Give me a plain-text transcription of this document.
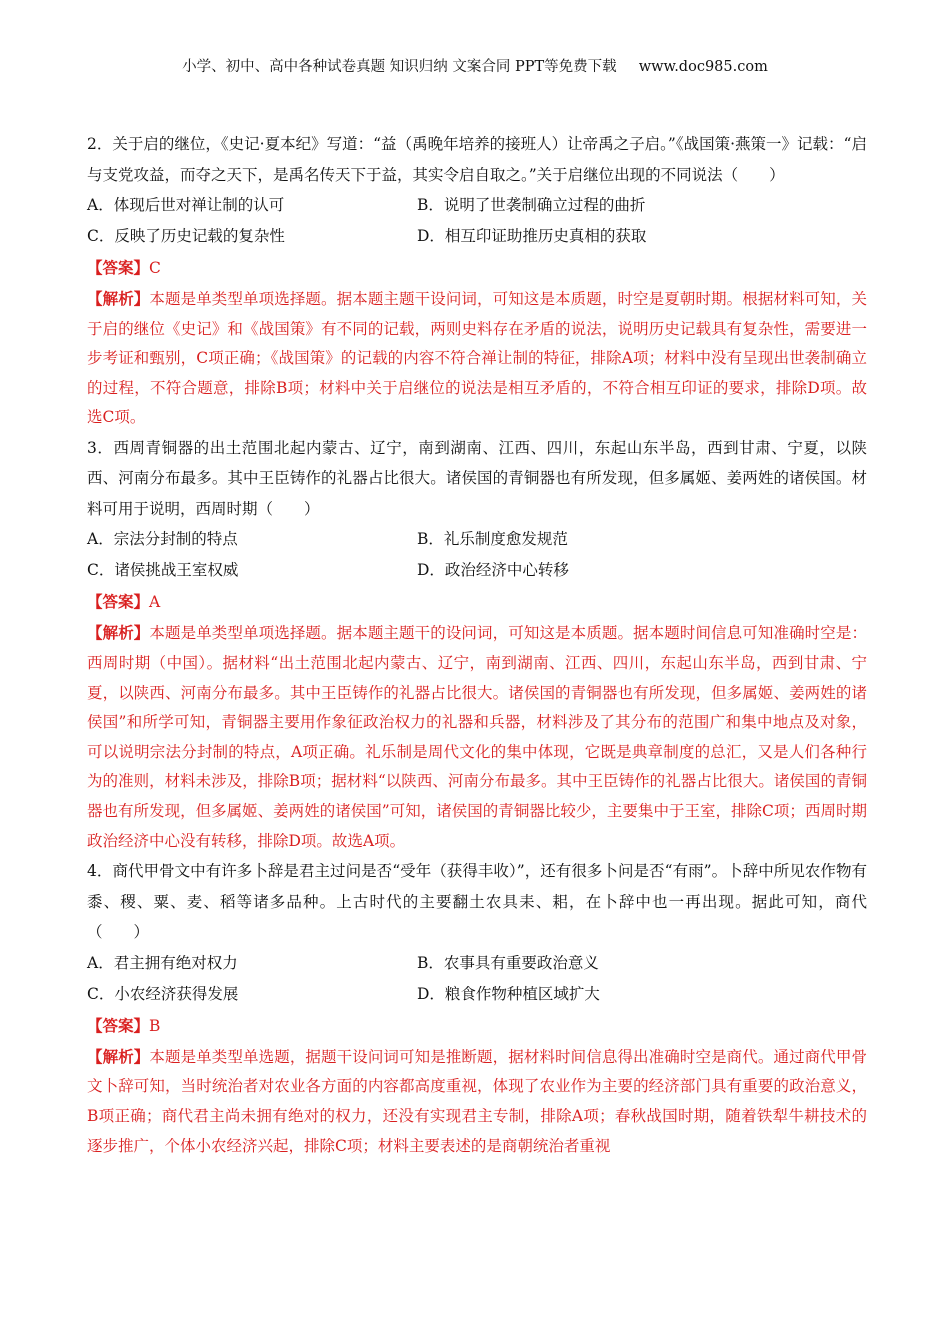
小学、初中、高中各种试卷真题 知识归纳 文案合同 PPT等免费下载 www.doc985.com

2．关于启的继位，《史记·夏本纪》写道：“益（禹晚年培养的接班人）让帝禹之子启。”《战国策·燕策一》记载：“启与支党攻益，而夺之天下，是禹名传天下于益，其实令启自取之。”关于启继位出现的不同说法（　　）

A．体现后世对禅让制的认可	B．说明了世袭制确立过程的曲折
C．反映了历史记载的复杂性	D．相互印证助推历史真相的获取
【答案】C

【解析】本题是单类型单项选择题。据本题主题干设问词，可知这是本质题，时空是夏朝时期。根据材料可知，关于启的继位《史记》和《战国策》有不同的记载，两则史料存在矛盾的说法，说明历史记载具有复杂性，需要进一步考证和甄别，C项正确；《战国策》的记载的内容不符合禅让制的特征，排除A项；材料中没有呈现出世袭制确立的过程，不符合题意，排除B项；材料中关于启继位的说法是相互矛盾的，不符合相互印证的要求，排除D项。故选C项。

3．西周青铜器的出土范围北起内蒙古、辽宁，南到湖南、江西、四川，东起山东半岛，西到甘肃、宁夏，以陕西、河南分布最多。其中王臣铸作的礼器占比很大。诸侯国的青铜器也有所发现，但多属姬、姜两姓的诸侯国。材料可用于说明，西周时期（　　）

A．宗法分封制的特点	B．礼乐制度愈发规范
C．诸侯挑战王室权威	D．政治经济中心转移
【答案】A

【解析】本题是单类型单项选择题。据本题主题干的设问词，可知这是本质题。据本题时间信息可知准确时空是：西周时期（中国）。据材料“出土范围北起内蒙古、辽宁，南到湖南、江西、四川，东起山东半岛，西到甘肃、宁夏，以陕西、河南分布最多。其中王臣铸作的礼器占比很大。诸侯国的青铜器也有所发现，但多属姬、姜两姓的诸侯国”和所学可知，青铜器主要用作象征政治权力的礼器和兵器，材料涉及了其分布的范围广和集中地点及对象，可以说明宗法分封制的特点，A项正确。礼乐制是周代文化的集中体现，它既是典章制度的总汇，又是人们各种行为的准则，材料未涉及，排除B项；据材料“以陕西、河南分布最多。其中王臣铸作的礼器占比很大。诸侯国的青铜器也有所发现，但多属姬、姜两姓的诸侯国”可知，诸侯国的青铜器比较少，主要集中于王室，排除C项；西周时期政治经济中心没有转移，排除D项。故选A项。

4．商代甲骨文中有许多卜辞是君主过问是否“受年（获得丰收）”，还有很多卜问是否“有雨”。卜辞中所见农作物有黍、稷、粟、麦、稻等诸多品种。上古时代的主要翻土农具耒、耜，在卜辞中也一再出现。据此可知，商代（　　）

A．君主拥有绝对权力	B．农事具有重要政治意义
C．小农经济获得发展	D．粮食作物种植区域扩大
【答案】B

【解析】本题是单类型单选题，据题干设问词可知是推断题，据材料时间信息得出准确时空是商代。通过商代甲骨文卜辞可知，当时统治者对农业各方面的内容都高度重视，体现了农业作为主要的经济部门具有重要的政治意义，B项正确；商代君主尚未拥有绝对的权力，还没有实现君主专制，排除A项；春秋战国时期，随着铁犁牛耕技术的逐步推广，个体小农经济兴起，排除C项；材料主要表述的是商朝统治者重视
